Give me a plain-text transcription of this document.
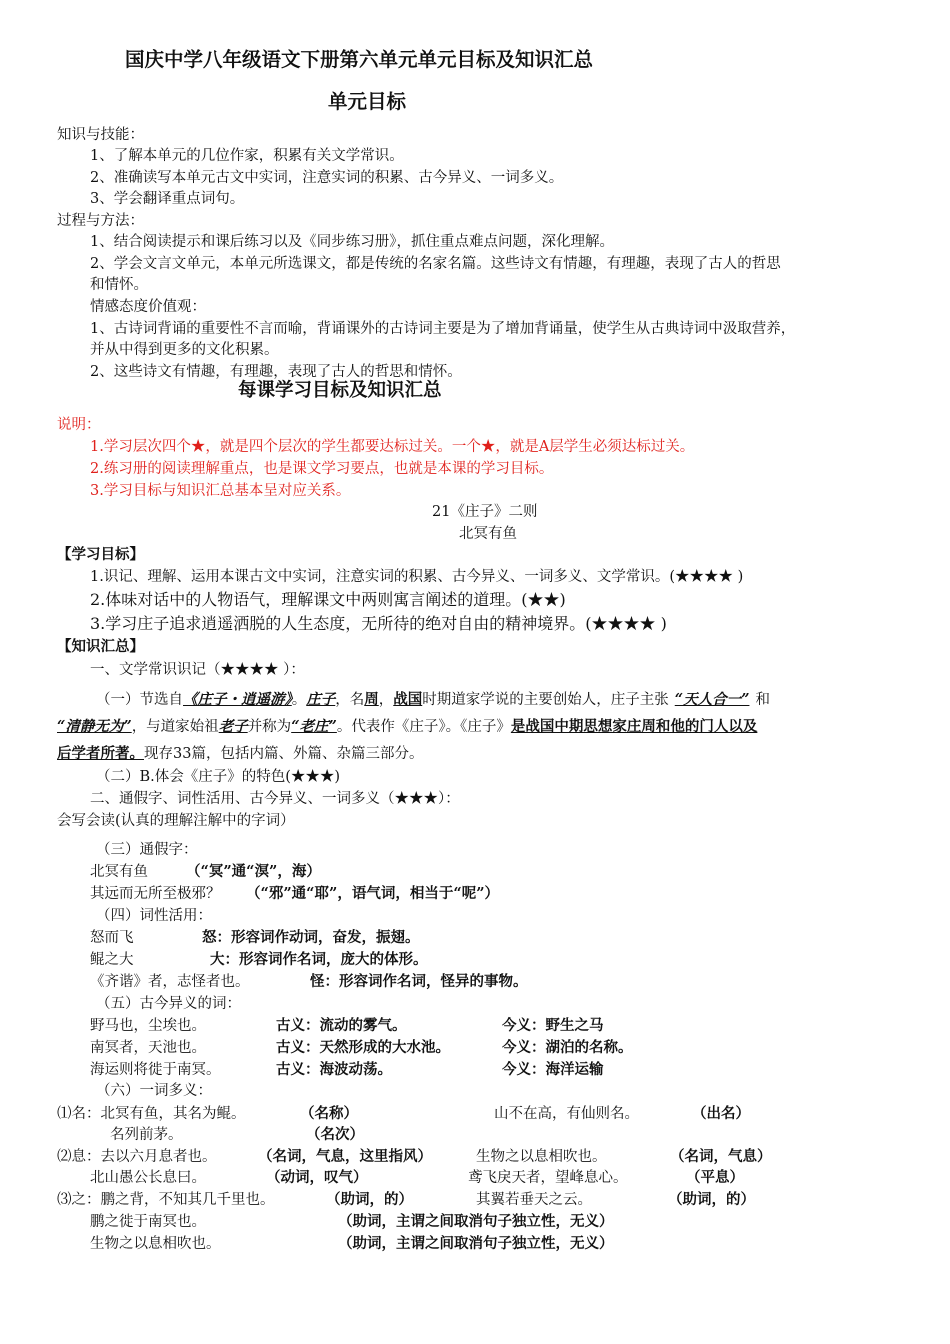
国庆中学八年级语文下册第六单元单元目标及知识汇总
单元目标
知识与技能：
1、了解本单元的几位作家，积累有关文学常识。
2、准确读写本单元古文中实词，注意实词的积累、古今异义、一词多义。
3、学会翻译重点词句。
过程与方法：
1、结合阅读提示和课后练习以及《同步练习册》，抓住重点难点问题，深化理解。
2、学会文言文单元，本单元所选课文，都是传统的名家名篇。这些诗文有情趣，有理趣，表现了古人的哲思
和情怀。
情感态度价值观：
1、古诗词背诵的重要性不言而喻，背诵课外的古诗词主要是为了增加背诵量，使学生从古典诗词中汲取营养，
并从中得到更多的文化积累。
2、这些诗文有情趣，有理趣，表现了古人的哲思和情怀。
每课学习目标及知识汇总
说明：
1.学习层次四个★，就是四个层次的学生都要达标过关。一个★，就是A层学生必须达标过关。
2.练习册的阅读理解重点，也是课文学习要点，也就是本课的学习目标。
3.学习目标与知识汇总基本呈对应关系。
21《庄子》二则
北冥有鱼
【学习目标】
1.识记、理解、运用本课古文中实词，注意实词的积累、古今异义、一词多义、文学常识。(★★★★ )
2.体味对话中的人物语气，理解课文中两则寓言阐述的道理。(★★)
3.学习庄子追求逍遥洒脱的人生态度，无所待的绝对自由的精神境界。(★★★★ )
【知识汇总】
一、文学常识识记（★★★★ ）：
（一）节选自《庄子・逍遥游》。庄子，名周，战国时期道家学说的主要创始人，庄子主张 “天人合一” 和
“清静无为”，与道家始祖老子并称为“老庄”。代表作《庄子》。《庄子》是战国中期思想家庄周和他的门人以及
后学者所著。现存33篇，包括内篇、外篇、杂篇三部分。
（二）B.体会《庄子》的特色(★★★)
二、通假字、词性活用、古今异义、一词多义（★★★）：
会写会读(认真的理解注解中的字词）
（三）通假字：
北冥有鱼	（“冥”通“溟”，海）
其远而无所至极邪？ （“邪”通“耶”，语气词，相当于“呢”）
（四）词性活用：
怒而飞	怒：形容词作动词，奋发，振翅。
鲲之大	大：形容词作名词，庞大的体形。
《齐谐》者，志怪者也。	怪：形容词作名词，怪异的事物。
（五）古今异义的词：
野马也，尘埃也。	古义：流动的雾气。	今义：野生之马
南冥者，天池也。	古义：天然形成的大水池。	今义：湖泊的名称。
海运则将徙于南冥。	古义：海波动荡。	今义：海洋运输
（六）一词多义：
⑴名：北冥有鱼，其名为鲲。	（名称）	山不在高，有仙则名。	（出名）
名列前茅。	（名次）
⑵息：去以六月息者也。	（名词，气息，这里指风）	生物之以息相吹也。	（名词，气息）
北山愚公长息曰。	（动词，叹气）	鸢飞戾天者，望峰息心。	（平息）
⑶之：鹏之背，不知其几千里也。	（助词，的）	其翼若垂天之云。	（助词，的）
鹏之徙于南冥也。	（助词，主谓之间取消句子独立性，无义）
生物之以息相吹也。	（助词，主谓之间取消句子独立性，无义）
